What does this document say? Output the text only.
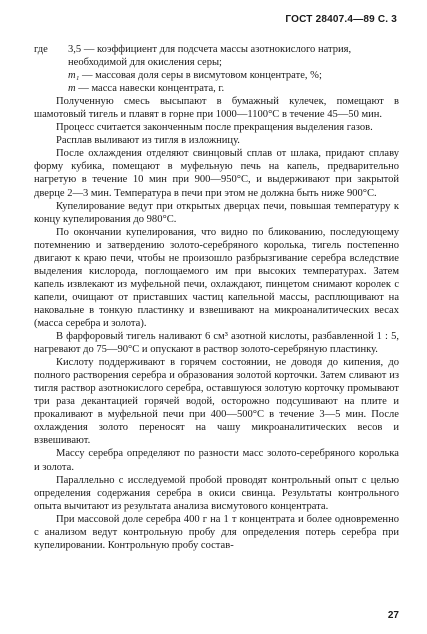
ГОСТ 28407.4—89 С. 3
где	3,5 — коэффициент для подсчета массы азотнокислого натрия, необходимой для окисления серы;
m₁ — массовая доля серы в висмутовом концентрате, %;
m — масса навески концентрата, г.

Полученную смесь высыпают в бумажный кулечек, помещают в шамотовый тигель и плавят в горне при 1000—1100°С в течение 45—50 мин.

Процесс считается законченным после прекращения выделения газов.

Расплав выливают из тигля в изложницу.

После охлаждения отделяют свинцовый сплав от шлака, придают сплаву форму кубика, помещают в муфельную печь на капель, предварительно нагретую в течение 10 мин при 900—950°С, и выдерживают при закрытой дверце 2—3 мин. Температура в печи при этом не должна быть ниже 900°С.

Купелирование ведут при открытых дверцах печи, повышая температуру к концу купелирования до 980°С.

По окончании купелирования, что видно по бликованию, последующему потемнению и затвердению золото-серебряного королька, тигель постепенно двигают к краю печи, чтобы не произошло разбрызгивание серебра вследствие выделения кислорода, поглощаемого им при высоких температурах. Затем капель извлекают из муфельной печи, охлаждают, пинцетом снимают королек с капели, очищают от приставших частиц капельной массы, расплющивают на наковальне в тонкую пластинку и взвешивают на микроаналитических весах (масса серебра и золота).

В фарфоровый тигель наливают 6 см³ азотной кислоты, разбавленной 1 : 5, нагревают до 75—90°С и опускают в раствор золото-серебряную пластинку.

Кислоту поддерживают в горячем состоянии, не доводя до кипения, до полного растворения серебра и образования золотой корточки. Затем сливают из тигля раствор азотнокислого серебра, оставшуюся золотую корточку промывают три раза декантацией горячей водой, осторожно подсушивают на плите и прокаливают в муфельной печи при 400—500°С в течение 3—5 мин. После охлаждения золото переносят на чашу микроаналитических весов и взвешивают.

Массу серебра определяют по разности масс золото-серебряного королька и золота.

Параллельно с исследуемой пробой проводят контрольный опыт с целью определения содержания серебра в окиси свинца. Результаты контрольного опыта вычитают из результата анализа висмутового концентрата.

При массовой доле серебра 400 г на 1 т концентрата и более одновременно с анализом ведут контрольную пробу для определения потерь серебра при купелировании. Контрольную пробу состав-

27
